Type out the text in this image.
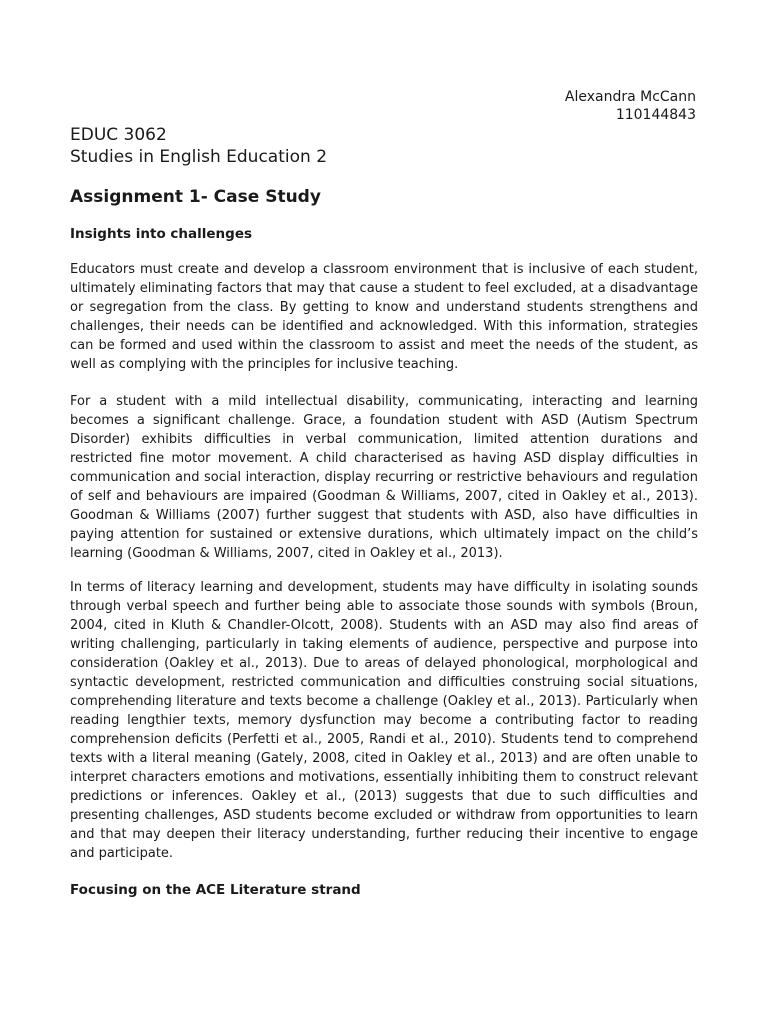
Alexandra McCann
110144843
EDUC 3062
Studies in English Education 2
Assignment 1- Case Study
Insights into challenges

Educators must create and develop a classroom environment that is inclusive of each student, ultimately eliminating factors that may that cause a student to feel excluded, at a disadvantage or segregation from the class. By getting to know and understand students strengthens and challenges, their needs can be identified and acknowledged. With this information, strategies can be formed and used within the classroom to assist and meet the needs of the student, as well as complying with the principles for inclusive teaching.

For a student with a mild intellectual disability, communicating, interacting and learning becomes a significant challenge. Grace, a foundation student with ASD (Autism Spectrum Disorder) exhibits difficulties in verbal communication, limited attention durations and restricted fine motor movement. A child characterised as having ASD display difficulties in communication and social interaction, display recurring or restrictive behaviours and regulation of self and behaviours are impaired (Goodman & Williams, 2007, cited in Oakley et al., 2013). Goodman & Williams (2007) further suggest that students with ASD, also have difficulties in paying attention for sustained or extensive durations, which ultimately impact on the child’s learning (Goodman & Williams, 2007, cited in Oakley et al., 2013).

In terms of literacy learning and development, students may have difficulty in isolating sounds through verbal speech and further being able to associate those sounds with symbols (Broun, 2004, cited in Kluth & Chandler-Olcott, 2008). Students with an ASD may also find areas of writing challenging, particularly in taking elements of audience, perspective and purpose into consideration (Oakley et al., 2013). Due to areas of delayed phonological, morphological and syntactic development, restricted communication and difficulties construing social situations, comprehending literature and texts become a challenge (Oakley et al., 2013). Particularly when reading lengthier texts, memory dysfunction may become a contributing factor to reading comprehension deficits (Perfetti et al., 2005, Randi et al., 2010). Students tend to comprehend texts with a literal meaning (Gately, 2008, cited in Oakley et al., 2013) and are often unable to interpret characters emotions and motivations, essentially inhibiting them to construct relevant predictions or inferences. Oakley et al., (2013) suggests that due to such difficulties and presenting challenges, ASD students become excluded or withdraw from opportunities to learn and that may deepen their literacy understanding, further reducing their incentive to engage and participate.

Focusing on the ACE Literature strand
